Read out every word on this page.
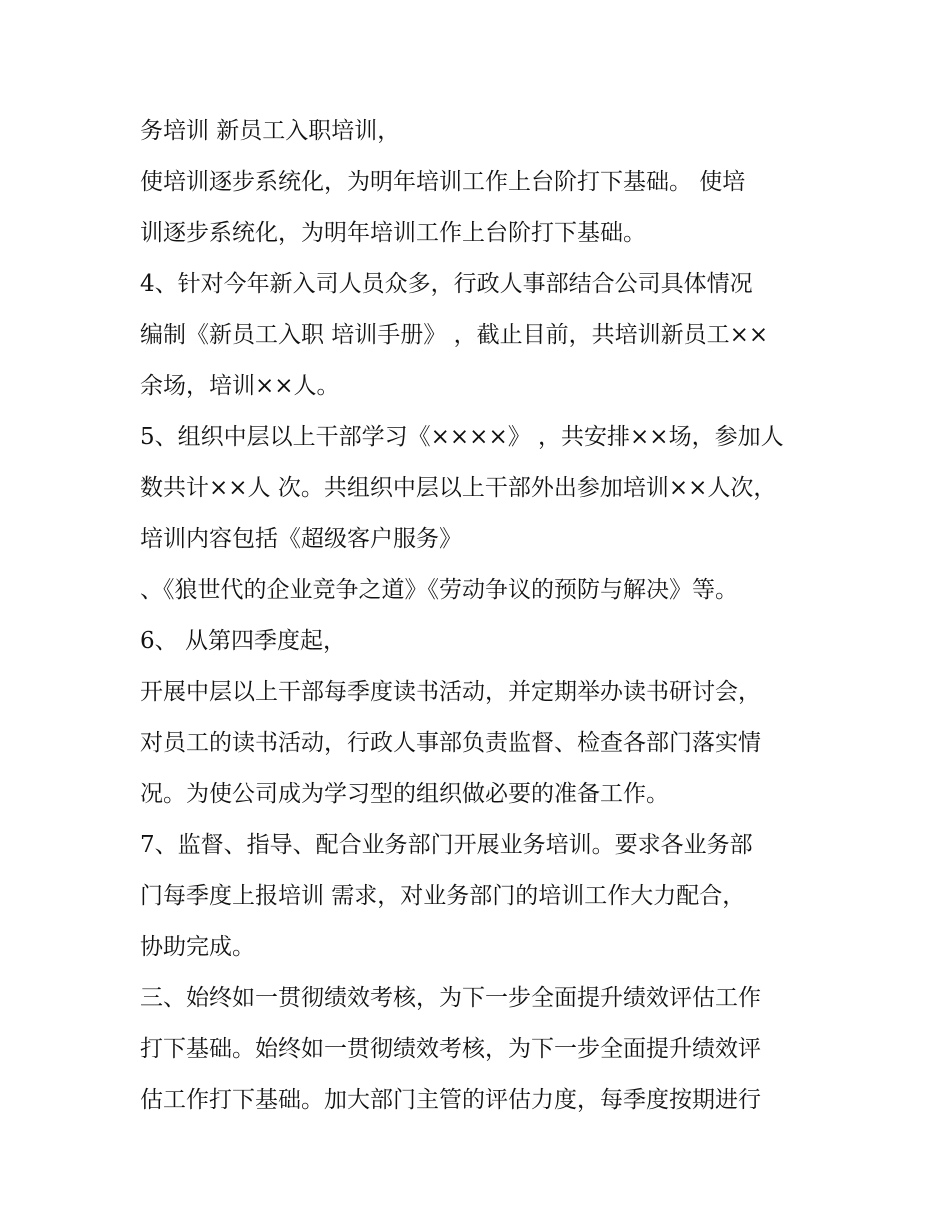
务培训 新员工入职培训，

使培训逐步系统化，为明年培训工作上台阶打下基础。 使培

训逐步系统化，为明年培训工作上台阶打下基础。

4、针对今年新入司人员众多，行政人事部结合公司具体情况

编制《新员工入职 培训手册》 ，截止目前，共培训新员工××

余场，培训××人。

5、组织中层以上干部学习《××××》 ，共安排××场，参加人

数共计××人 次。共组织中层以上干部外出参加培训××人次，

培训内容包括《超级客户服务》

、《狼世代的企业竞争之道》《劳动争议的预防与解决》等。

6、 从第四季度起，

开展中层以上干部每季度读书活动，并定期举办读书研讨会，

对员工的读书活动，行政人事部负责监督、检查各部门落实情

况。为使公司成为学习型的组织做必要的准备工作。

7、监督、指导、配合业务部门开展业务培训。要求各业务部

门每季度上报培训 需求，对业务部门的培训工作大力配合，

协助完成。

三、始终如一贯彻绩效考核，为下一步全面提升绩效评估工作

打下基础。始终如一贯彻绩效考核，为下一步全面提升绩效评

估工作打下基础。加大部门主管的评估力度，每季度按期进行
